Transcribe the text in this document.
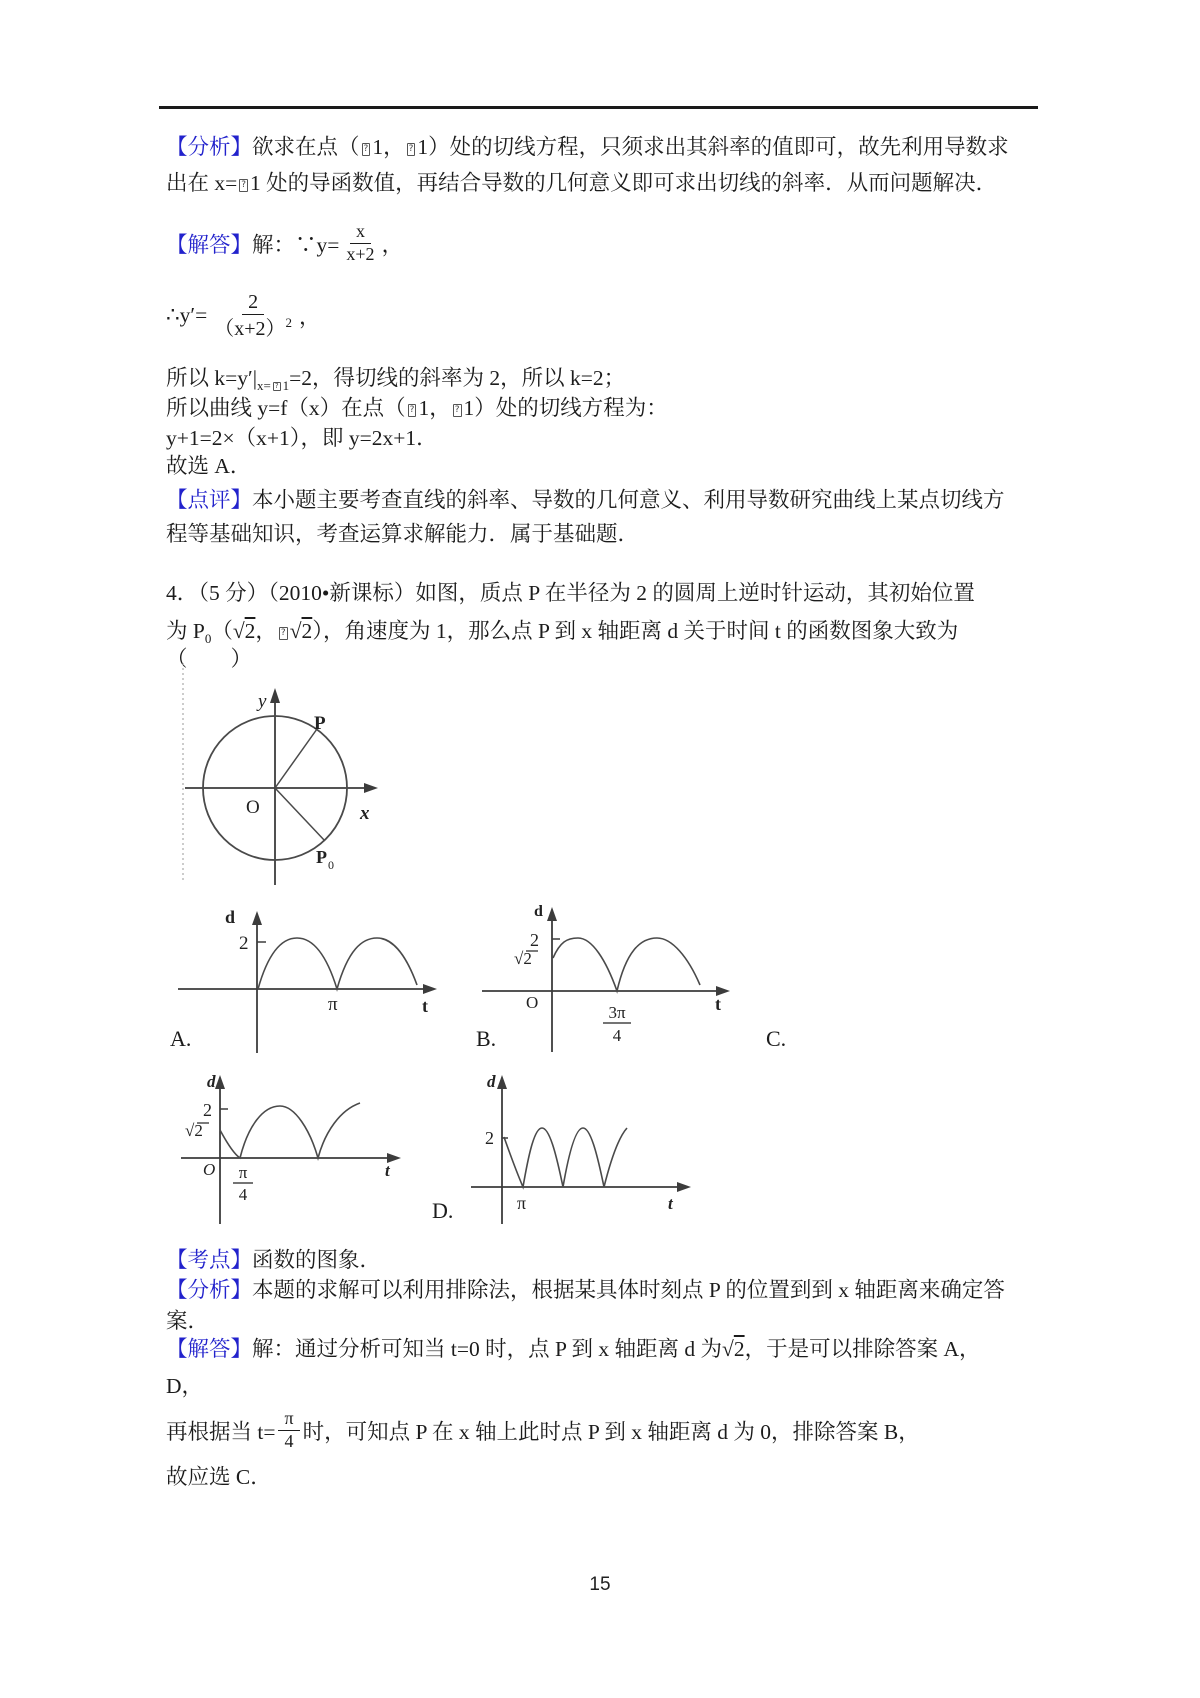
【分析】欲求在点（ ? 1， ? 1）处的切线方程，只须求出其斜率的值即可，故先利用导数求
出在 x= ? 1 处的导函数值，再结合导数的几何意义即可求出切线的斜率．从而问题解决．
【解答】解：∵y= $\frac{x}{x+2}$ ，
∴y′= $\frac{2}{(x+2)^2}$ ，
所以 $k=y'|_{x=}$ ? $_1$=2，得切线的斜率为 2，所以 k=2；
所以曲线 y=f（x）在点（ ? 1， ? 1）处的切线方程为：
y+1=2×（x+1），即 y=2x+1．
故选 A．
【点评】本小题主要考查直线的斜率、导数的几何意义、利用导数研究曲线上某点切线方
程等基础知识，考查运算求解能力．属于基础题．
4．（5 分）（2010•新课标）如图，质点 P 在半径为 2 的圆周上逆时针运动，其初始位置
为 $P_0(√2$， ? √2），角速度为 1，那么点 P 到 x 轴距离 d 关于时间 t 的函数图象大致为
（　　）
y
P
O	x
P 0
2
d
π	t
d
2
√2
O
3π
4
t
A.	B.	C.
d
2
√2
O π
4
t
d
2
π	t
D.
【考点】函数的图象．
【分析】本题的求解可以利用排除法，根据某具体时刻点 P 的位置到到 x 轴距离来确定答
案．
【解答】解：通过分析可知当 t=0 时，点 P 到 x 轴距离 d 为√2，于是可以排除答案 A，
D，
再根据当 $t= \frac{\pi}{4}$ 时，可知点 P 在 x 轴上此时点 P 到 x 轴距离 d 为 0，排除答案 B，
故应选 C．
15
